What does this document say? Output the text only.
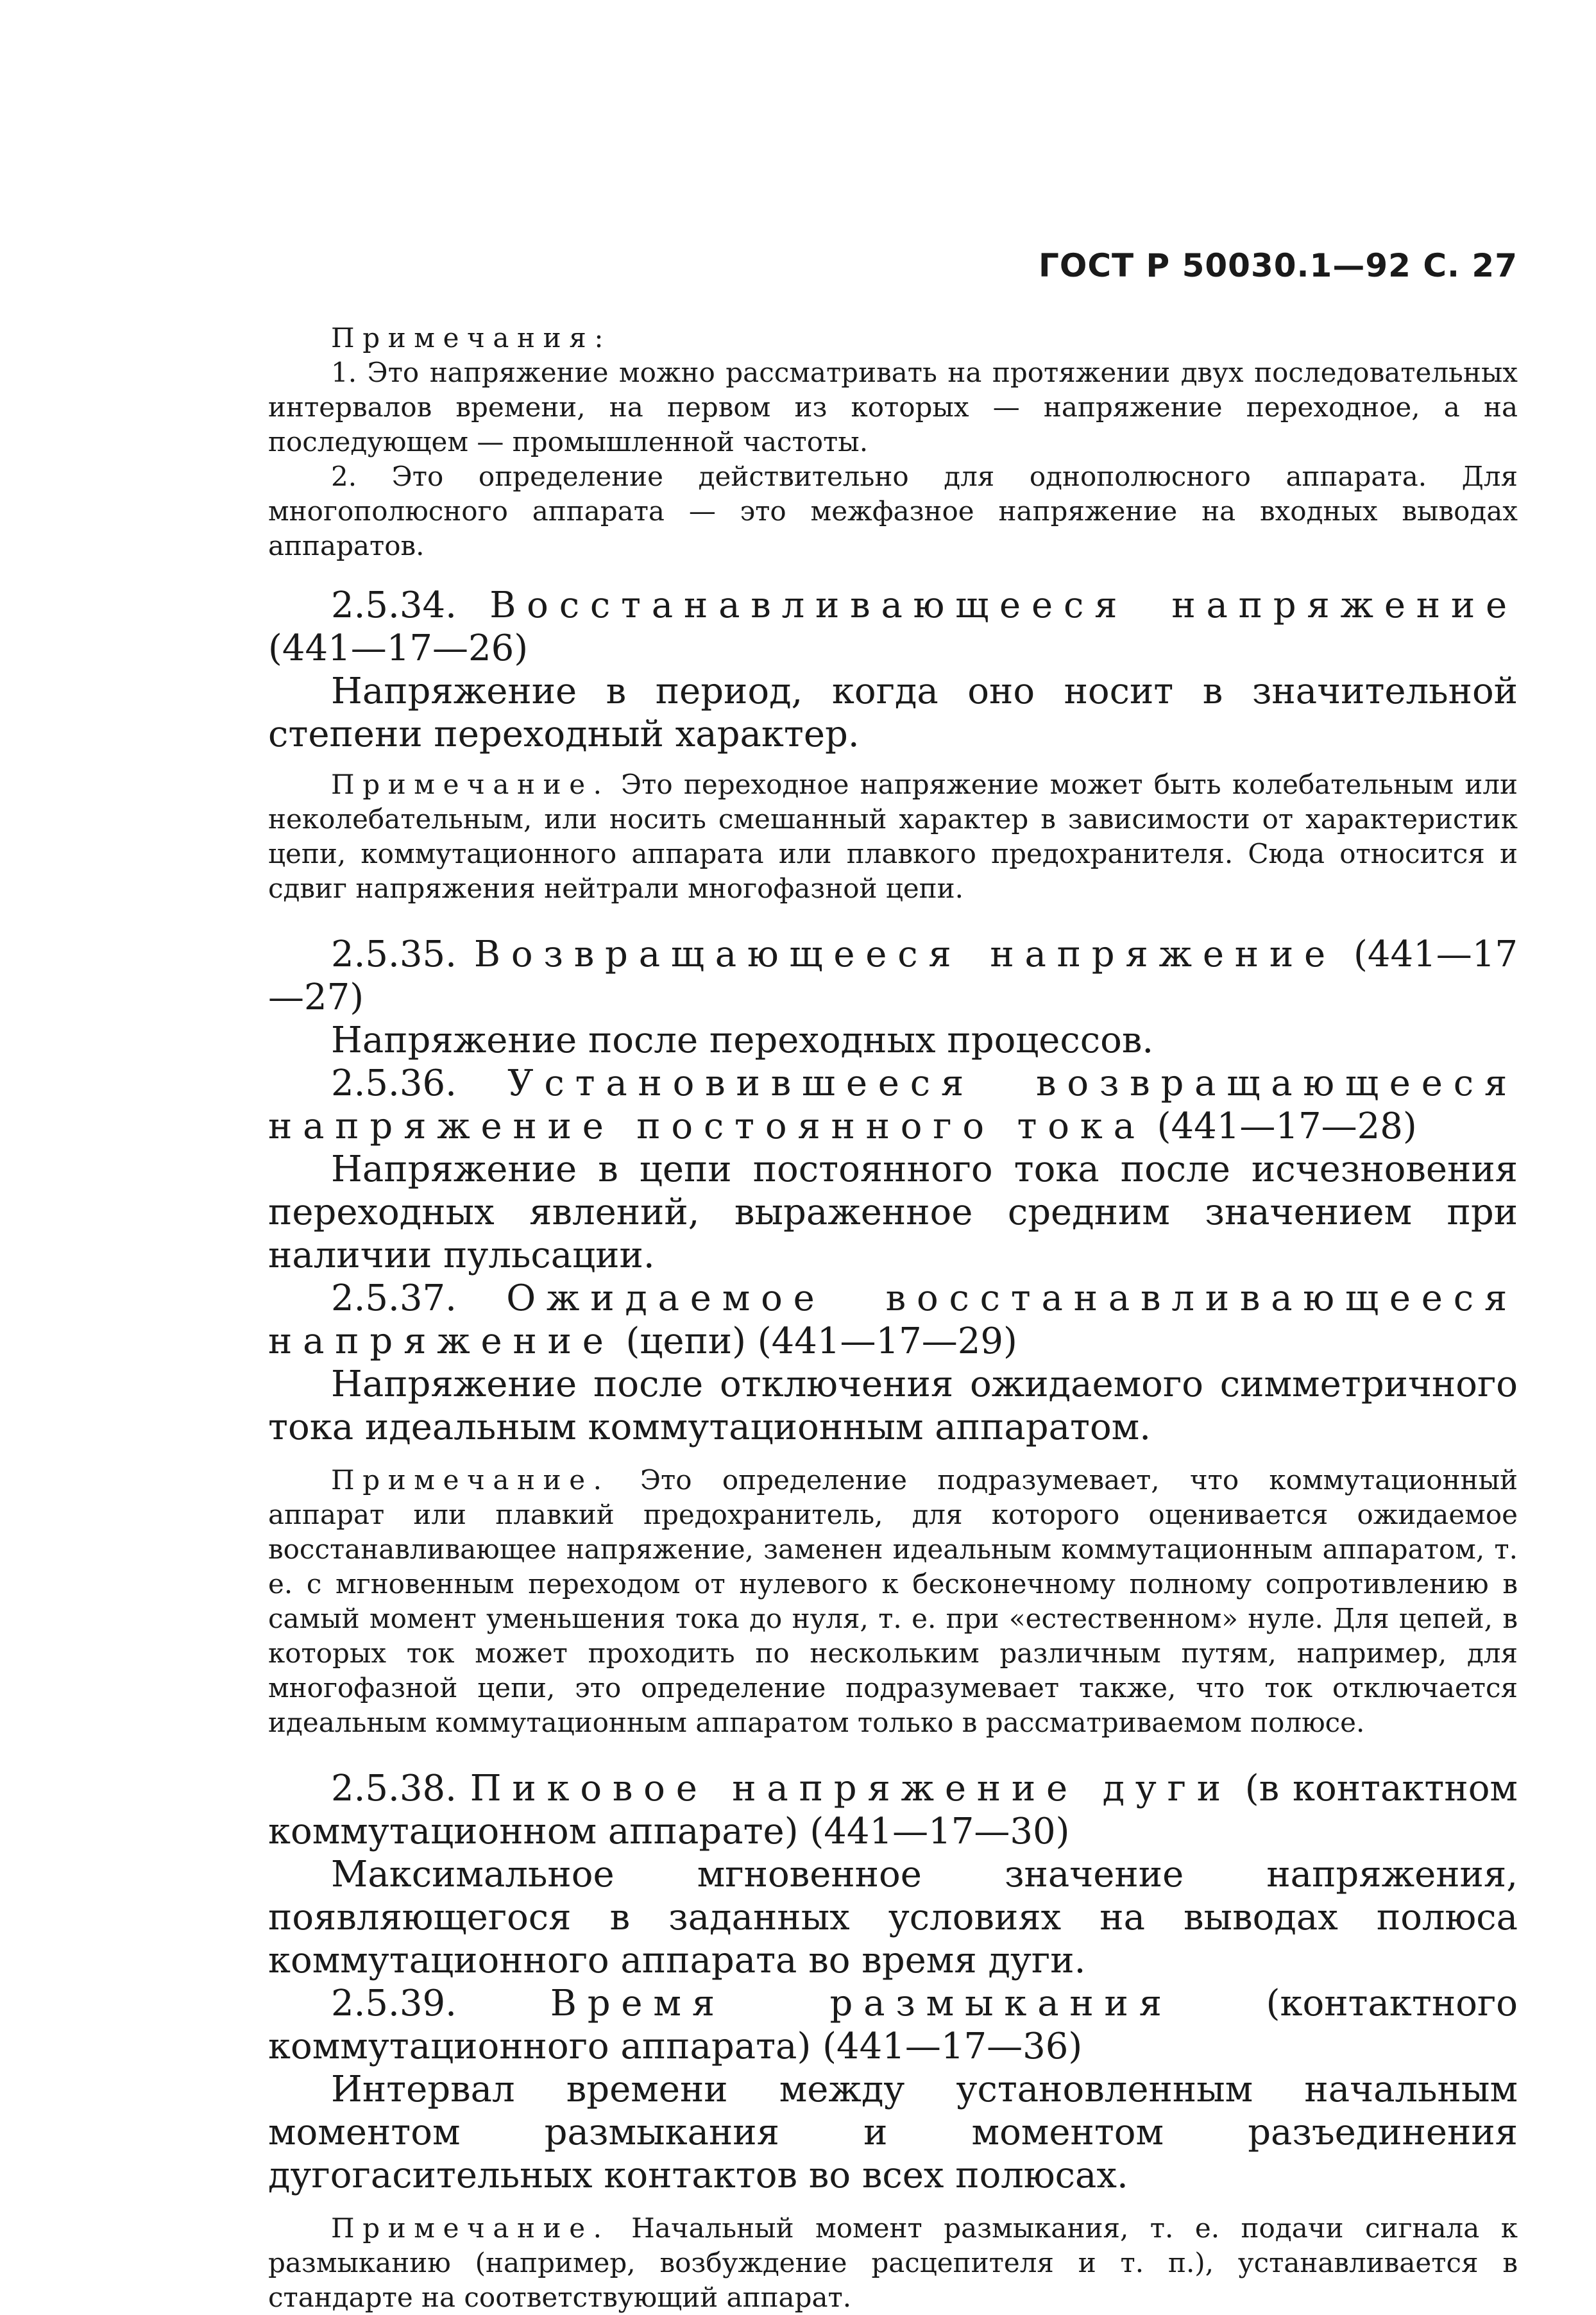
ГОСТ Р 50030.1—92 С. 27

Примечания:

1. Это напряжение можно рассматривать на протяжении двух последовательных интервалов времени, на первом из которых — напряжение переходное, а на последующем — промышленной частоты.

2. Это определение действительно для однополюсного аппарата. Для многополюсного аппарата — это межфазное напряжение на входных выводах аппаратов.

2.5.34. Восстанавливающееся напряжение (441—17—26)

Напряжение в период, когда оно носит в значительной степени переходный характер.

Примечание. Это переходное напряжение может быть колебательным или неколебательным, или носить смешанный характер в зависимости от характеристик цепи, коммутационного аппарата или плавкого предохранителя. Сюда относится и сдвиг напряжения нейтрали многофазной цепи.

2.5.35. Возвращающееся напряжение (441—17—27)

Напряжение после переходных процессов.

2.5.36. Установившееся возвращающееся напряжение постоянного тока (441—17—28)

Напряжение в цепи постоянного тока после исчезновения переходных явлений, выраженное средним значением при наличии пульсации.

2.5.37. Ожидаемое восстанавливающееся напряжение (цепи) (441—17—29)

Напряжение после отключения ожидаемого симметричного тока идеальным коммутационным аппаратом.

Примечание. Это определение подразумевает, что коммутационный аппарат или плавкий предохранитель, для которого оценивается ожидаемое восстанавливающее напряжение, заменен идеальным коммутационным аппаратом, т. е. с мгновенным переходом от нулевого к бесконечному полному сопротивлению в самый момент уменьшения тока до нуля, т. е. при «естественном» нуле. Для цепей, в которых ток может проходить по нескольким различным путям, например, для многофазной цепи, это определение подразумевает также, что ток отключается идеальным коммутационным аппаратом только в рассматриваемом полюсе.

2.5.38. Пиковое напряжение дуги (в контактном коммутационном аппарате) (441—17—30)

Максимальное мгновенное значение напряжения, появляющегося в заданных условиях на выводах полюса коммутационного аппарата во время дуги.

2.5.39.	Время размыкания	(контактного коммутационного аппарата) (441—17—36)

Интервал времени между установленным начальным моментом размыкания и моментом разъединения дугогасительных контактов во всех полюсах.

Примечание. Начальный момент размыкания, т. е. подачи сигнала к размыканию (например, возбуждение расцепителя и т. п.), устанавливается в стандарте на соответствующий аппарат.
